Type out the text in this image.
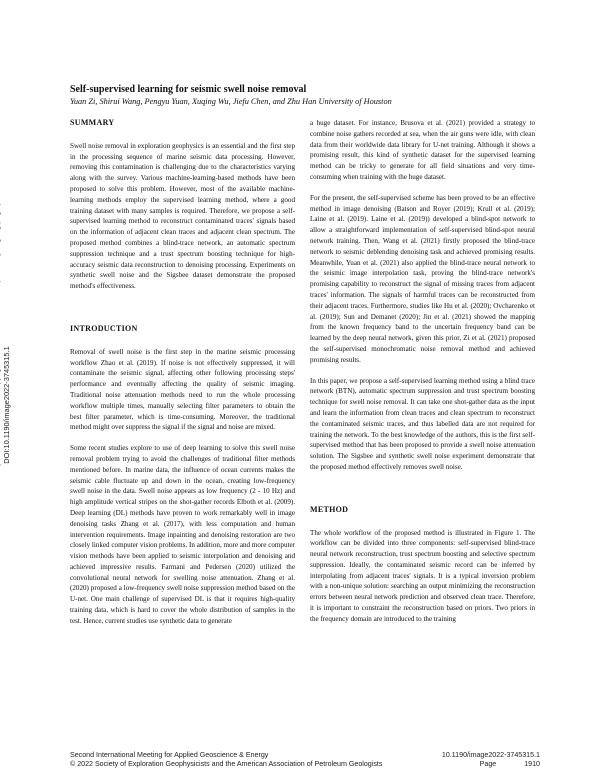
DOI:10.1190/image2022-3745315.1
Self-supervised learning for seismic swell noise removal
Yuan Zi, Shirui Wang, Pengyu Yuan, Xuqing Wu, Jiefu Chen, and Zhu Han University of Houston
SUMMARY

Swell noise removal in exploration geophysics is an essential and the first step in the processing sequence of marine seismic data processing. However, removing this contamination is challenging due to the characteristics varying along with the survey. Various machine-learning-based methods have been proposed to solve this problem. However, most of the available machine-learning methods employ the supervised learning method, where a good training dataset with many samples is required. Therefore, we propose a self-supervised learning method to reconstruct contaminated traces' signals based on the information of adjacent clean traces and adjacent clean spectrum. The proposed method combines a blind-trace network, an automatic spectrum suppression technique and a trust spectrum boosting technique for high-accuracy seismic data reconstruction to denoising processing. Experiments on synthetic swell noise and the Sigsbee dataset demonstrate the proposed method's effectiveness.

INTRODUCTION

Removal of swell noise is the first step in the marine seismic processing workflow Zhao et al. (2019). If noise is not effectively suppressed, it will contaminate the seismic signal, affecting other following processing steps' performance and eventually affecting the quality of seismic imaging. Traditional noise attenuation methods need to run the whole processing workflow multiple times, manually selecting filter parameters to obtain the best filter parameter, which is time-consuming. Moreover, the traditional method might over suppress the signal if the signal and noise are mixed.

Some recent studies explore to use of deep learning to solve this swell noise removal problem trying to avoid the challenges of traditional filter methods mentioned before. In marine data, the influence of ocean currents makes the seismic cable fluctuate up and down in the ocean, creating low-frequency swell noise in the data. Swell noise appears as low frequency (2 - 10 Hz) and high amplitude vertical stripes on the shot-gather records Elboth et al. (2009). Deep learning (DL) methods have proven to work remarkably well in image denoising tasks Zhang et al. (2017), with less computation and human intervention requirements. Image inpainting and denoising restoration are two closely linked computer vision problems. In addition, more and more computer vision methods have been applied to seismic interpolation and denoising and achieved impressive results. Farmani and Pedersen (2020) utilized the convolutional neural network for swelling noise attenuation. Zhang et al. (2020) proposed a low-frequency swell noise suppression method based on the U-net. One main challenge of supervised DL is that it requires high-quality training data, which is hard to cover the whole distribution of samples in the test. Hence, current studies use synthetic data to generate

a huge dataset. For instance, Brusova et al. (2021) provided a strategy to combine noise gathers recorded at sea, when the air guns were idle, with clean data from their worldwide data library for U-net training. Although it shows a promising result, this kind of synthetic dataset for the supervised learning method can be tricky to generate for all field situations and very time-consuming when training with the huge dataset.

For the present, the self-supervised scheme has been proved to be an effective method in image denoising (Batson and Royer (2019); Krull et al. (2019); Laine et al. (2019). Laine et al. (2019)) developed a blind-spot network to allow a straightforward implementation of self-supervised blind-spot neural network training. Then, Wang et al. (2021) firstly proposed the blind-trace network to seismic deblending denoising task and achieved promising results. Meanwhile, Yuan et al. (2021) also applied the blind-trace neural network to the seismic image interpolation task, proving the blind-trace network's promising capability to reconstruct the signal of missing traces from adjacent traces' information. The signals of harmful traces can be reconstructed from their adjacent traces. Furthermore, studies like Hu et al. (2020); Ovcharenko et al. (2019); Sun and Demanet (2020); Jin et al. (2021) showed the mapping from the known frequency band to the uncertain frequency band can be learned by the deep neural network, given this prior, Zi et al. (2021) proposed the self-supervised monochromatic noise removal method and achieved promising results.

In this paper, we propose a self-supervised learning method using a blind trace network (BTN), automatic spectrum suppression and trust spectrum boosting technique for swell noise removal. It can take one shot-gather data as the input and learn the information from clean traces and clean spectrum to reconstruct the contaminated seismic traces, and thus labelled data are not required for training the network. To the best knowledge of the authors, this is the first self-supervised method that has been proposed to provide a swell noise attenuation solution. The Sigsbee and synthetic swell noise experiment demonstrate that the proposed method effectively removes swell noise.

METHOD

The whole workflow of the proposed method is illustrated in Figure 1. The workflow can be divided into three components: self-supervised blind-trace neural network reconstruction, trust spectrum boosting and selective spectrum suppression. Ideally, the contaminated seismic record can be inferred by interpolating from adjacent traces' signals. It is a typical inversion problem with a non-unique solution: searching an output minimizing the reconstruction errors between neural network prediction and observed clean trace. Therefore, it is important to constraint the reconstruction based on priors. Two priors in the frequency domain are introduced to the training

Second International Meeting for Applied Geoscience & Energy	10.1190/image2022-3745315.1
© 2022 Society of Exploration Geophysicists and the American Association of Petroleum Geologists	Page	1910
